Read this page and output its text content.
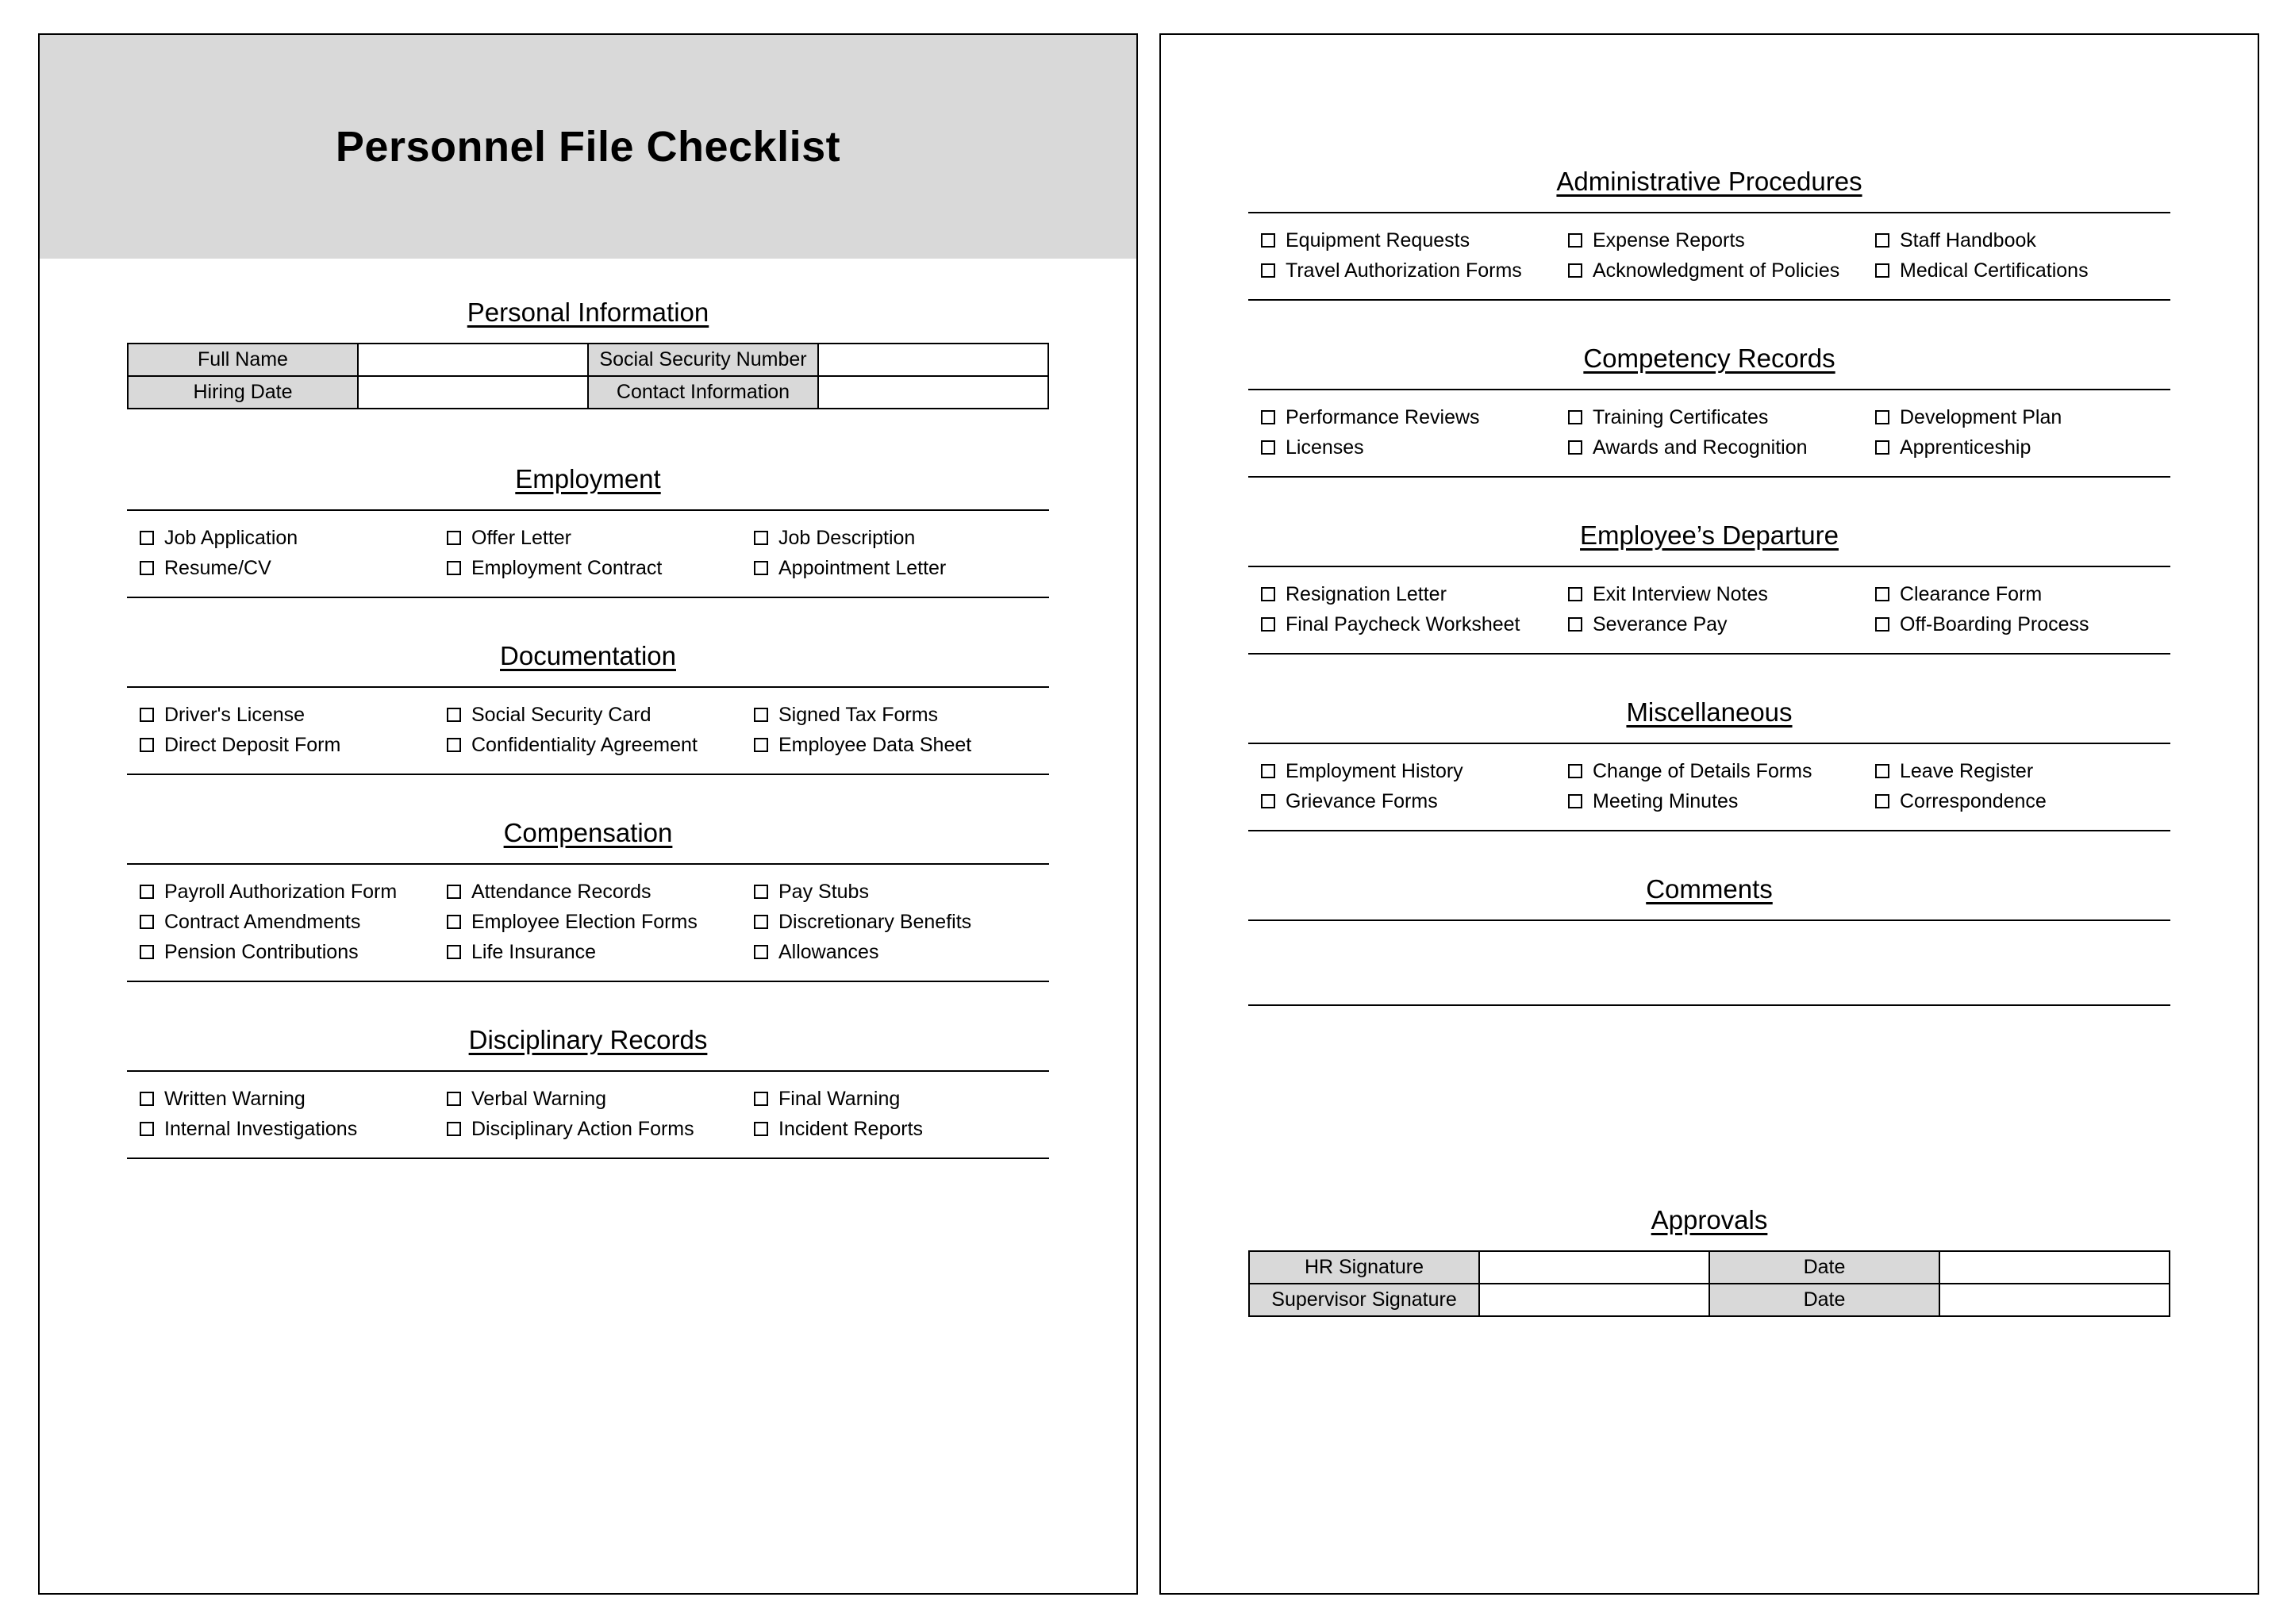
Personnel File Checklist
Personal Information
Full Name		Social Security Number	
Hiring Date		Contact Information	
Employment
Job Application	Offer Letter	Job Description
Resume/CV	Employment Contract	Appointment Letter
Documentation
Driver's License	Social Security Card	Signed Tax Forms
Direct Deposit Form	Confidentiality Agreement	Employee Data Sheet
Compensation
Payroll Authorization Form	Attendance Records	Pay Stubs
Contract Amendments	Employee Election Forms	Discretionary Benefits
Pension Contributions	Life Insurance	Allowances
Disciplinary Records
Written Warning	Verbal Warning	Final Warning
Internal Investigations	Disciplinary Action Forms	Incident Reports
Administrative Procedures
Equipment Requests	Expense Reports	Staff Handbook
Travel Authorization Forms	Acknowledgment of Policies	Medical Certifications
Competency Records
Performance Reviews	Training Certificates	Development Plan
Licenses	Awards and Recognition	Apprenticeship
Employee’s Departure
Resignation Letter	Exit Interview Notes	Clearance Form
Final Paycheck Worksheet	Severance Pay	Off-Boarding Process
Miscellaneous
Employment History	Change of Details Forms	Leave Register
Grievance Forms	Meeting Minutes	Correspondence
Comments
Approvals
HR Signature		Date	
Supervisor Signature		Date	
